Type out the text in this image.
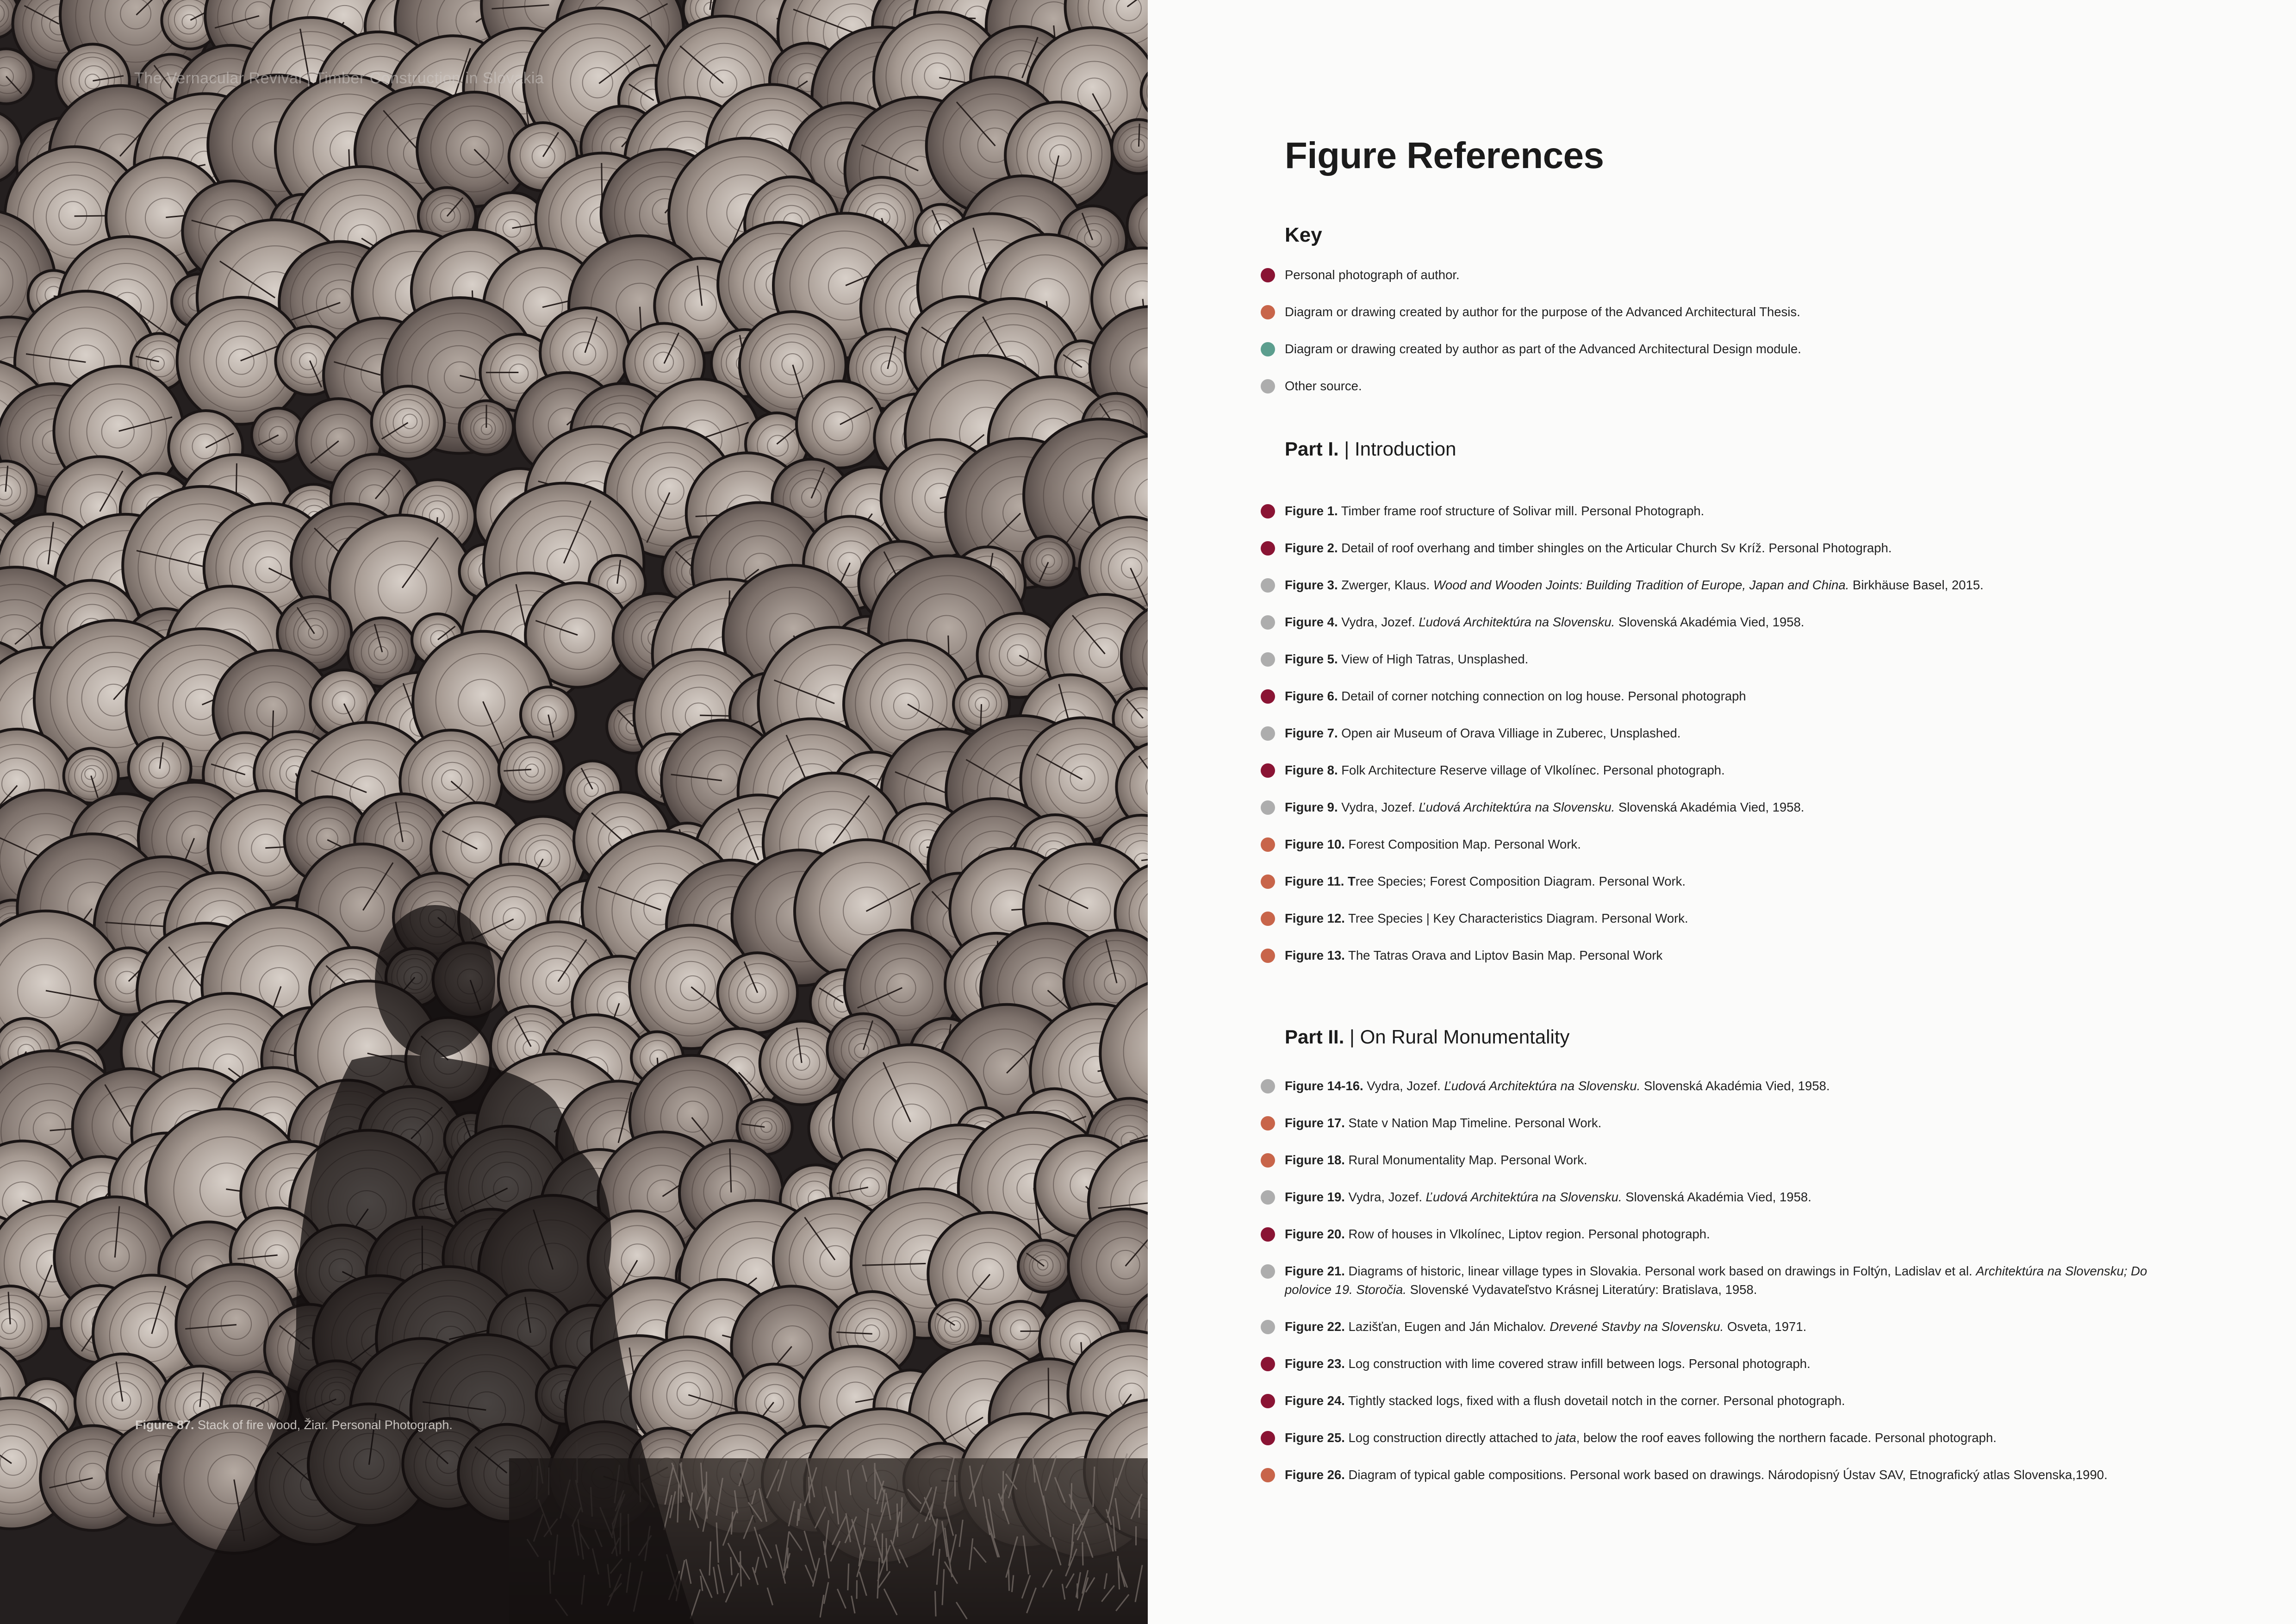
The Vernacular Revival | Timber Construction in Slovakia
Figure 87. Stack of fire wood, Žiar. Personal Photograph.
Figure References
Key
Personal photograph of author.
Diagram or drawing created by author for the purpose of the Advanced Architectural Thesis.
Diagram or drawing created by author as part of the Advanced Architectural Design module.
Other source.
Part I. | Introduction
Figure 1. Timber frame roof structure of Solivar mill. Personal Photograph.
Figure 2. Detail of roof overhang and timber shingles on the Articular Church Sv Kríž. Personal Photograph.
Figure 3. Zwerger, Klaus. Wood and Wooden Joints: Building Tradition of Europe, Japan and China. Birkhäuse Basel, 2015.
Figure 4. Vydra, Jozef. Ľudová Architektúra na Slovensku. Slovenská Akadémia Vied, 1958.
Figure 5. View of High Tatras, Unsplashed.
Figure 6. Detail of corner notching connection on log house. Personal photograph
Figure 7. Open air Museum of Orava Villiage in Zuberec, Unsplashed.
Figure 8. Folk Architecture Reserve village of Vlkolínec. Personal photograph.
Figure 9. Vydra, Jozef. Ľudová Architektúra na Slovensku. Slovenská Akadémia Vied, 1958.
Figure 10. Forest Composition Map. Personal Work.
Figure 11. Tree Species; Forest Composition Diagram. Personal Work.
Figure 12. Tree Species | Key Characteristics Diagram. Personal Work.
Figure 13. The Tatras Orava and Liptov Basin Map. Personal Work
Part II. | On Rural Monumentality
Figure 14-16. Vydra, Jozef. Ľudová Architektúra na Slovensku. Slovenská Akadémia Vied, 1958.
Figure 17. State v Nation Map Timeline. Personal Work.
Figure 18. Rural Monumentality Map. Personal Work.
Figure 19. Vydra, Jozef. Ľudová Architektúra na Slovensku. Slovenská Akadémia Vied, 1958.
Figure 20. Row of houses in Vlkolínec, Liptov region. Personal photograph.
Figure 21. Diagrams of historic, linear village types in Slovakia. Personal work based on drawings in Foltýn, Ladislav et al. Architektúra na Slovensku; Do polovice 19. Storočia. Slovenské Vydavateľstvo Krásnej Literatúry: Bratislava, 1958.
Figure 22. Lazišťan, Eugen and Ján Michalov. Drevené Stavby na Slovensku. Osveta, 1971.
Figure 23. Log construction with lime covered straw infill between logs. Personal photograph.
Figure 24. Tightly stacked logs, fixed with a flush dovetail notch in the corner. Personal photograph.
Figure 25. Log construction directly attached to jata, below the roof eaves following the northern facade. Personal photograph.
Figure 26. Diagram of typical gable compositions. Personal work based on drawings. Národopisný Ústav SAV, Etnografický atlas Slovenska,1990.
